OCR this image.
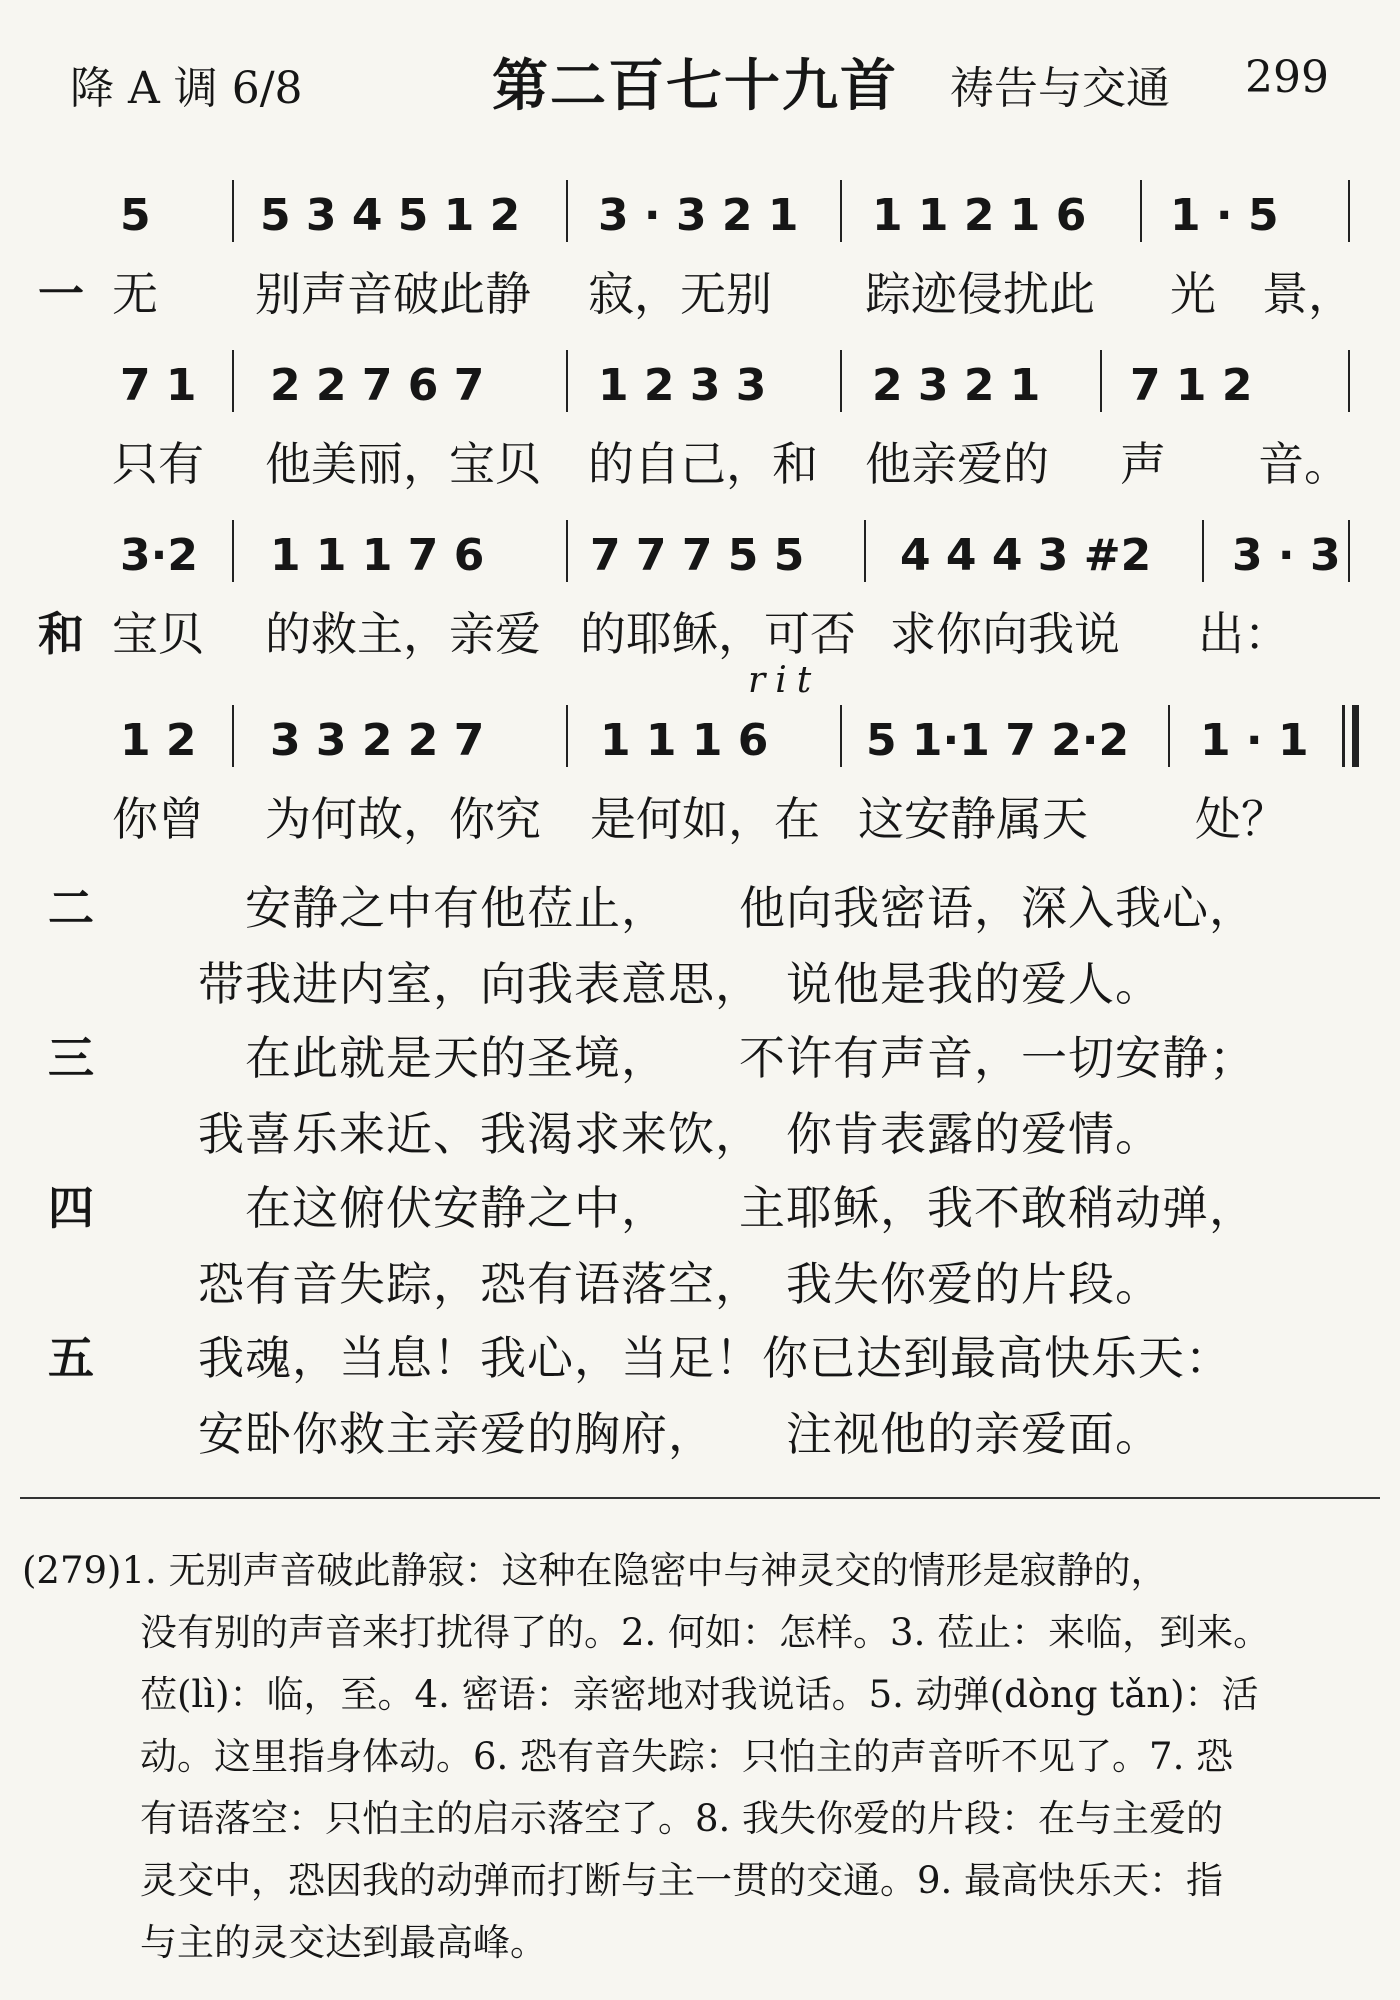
降 A 调 6/8	第二百七十九首 祷告与交通 299
5 5 3 4 5 1 2 3 · 3 2 1 1 1 2 1 6 1 · 5
一 无 别声音破此静 寂，无别 踪迹侵扰此 光　景，
7 1 2 2 7 6 7	1 2 3 3 2 3 2 1 7 1 2
只有 他美丽，宝贝 的自己，和 他亲爱的 声　　音。
3·2 1 1 1 7 6 7 7 7 5 5 4 4 4 3 #2 3 · 3
和 宝贝 的救主，亲爱 的耶稣，可否 求你向我说 出：
rit
1 2 3 3 2 2 7	1 1 1 6 5 1·1 7 2·2 1 · 1
你曾 为何故，你究 是何如，在 这安静属天 处？
二	安静之中有他莅止，　　他向我密语，深入我心，
带我进内室，向我表意思，　说他是我的爱人。
三	在此就是天的圣境，　　不许有声音，一切安静；
我喜乐来近、我渴求来饮，　你肯表露的爱情。
四	在这俯伏安静之中，　　主耶稣，我不敢稍动弹，
恐有音失踪，恐有语落空，　我失你爱的片段。
五 我魂，当息！我心，当足！你已达到最高快乐天：
安卧你救主亲爱的胸府，　　注视他的亲爱面。
(279)1. 无别声音破此静寂：这种在隐密中与神灵交的情形是寂静的，
没有别的声音来打扰得了的。2. 何如：怎样。3. 莅止：来临，到来。
莅(lì)：临，至。4. 密语：亲密地对我说话。5. 动弹(dòng tǎn)：活
动。这里指身体动。6. 恐有音失踪：只怕主的声音听不见了。7. 恐
有语落空：只怕主的启示落空了。8. 我失你爱的片段：在与主爱的
灵交中，恐因我的动弹而打断与主一贯的交通。9. 最高快乐天：指
与主的灵交达到最高峰。
